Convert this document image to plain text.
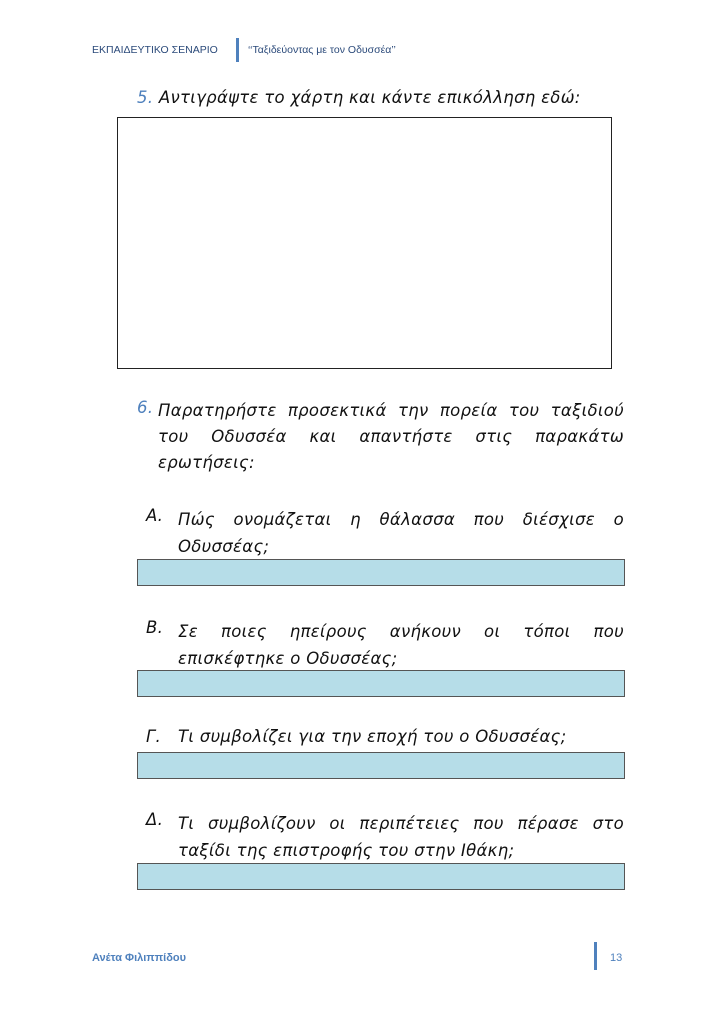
ΕΚΠΑΙΔΕΥΤΙΚΟ ΣΕΝΑΡΙΟ	‘‘Ταξιδεύοντας με τον Οδυσσέα’’
5. Αντιγράψτε το χάρτη και κάντε επικόλληση εδώ:
6. Παρατηρήστε προσεκτικά την πορεία του ταξιδιού
του Οδυσσέα και απαντήστε στις παρακάτω
ερωτήσεις:
Α. Πώς ονομάζεται η θάλασσα που διέσχισε ο
Οδυσσέας;
Β. Σε ποιες ηπείρους ανήκουν οι τόποι που
επισκέφτηκε ο Οδυσσέας;
Γ. Τι συμβολίζει για την εποχή του ο Οδυσσέας;
Δ. Τι συμβολίζουν οι περιπέτειες που πέρασε στο
ταξίδι της επιστροφής του στην Ιθάκη;
Ανέτα Φιλιππίδου	13
